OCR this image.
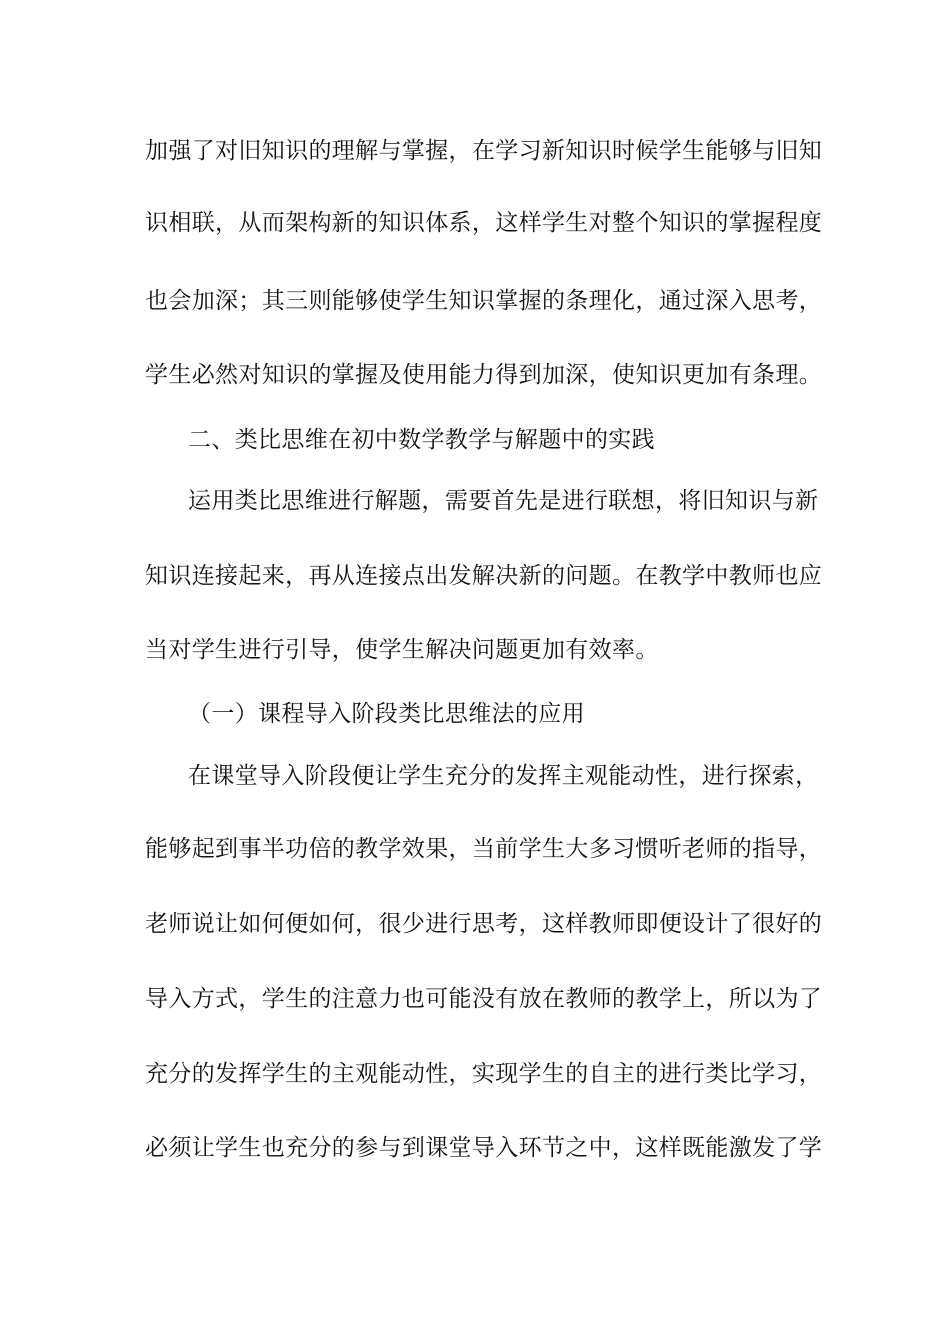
加强了对旧知识的理解与掌握，在学习新知识时候学生能够与旧知
识相联，从而架构新的知识体系，这样学生对整个知识的掌握程度
也会加深；其三则能够使学生知识掌握的条理化，通过深入思考，
学生必然对知识的掌握及使用能力得到加深，使知识更加有条理。
二、类比思维在初中数学教学与解题中的实践
运用类比思维进行解题，需要首先是进行联想，将旧知识与新
知识连接起来，再从连接点出发解决新的问题。在教学中教师也应
当对学生进行引导，使学生解决问题更加有效率。
（一）课程导入阶段类比思维法的应用
在课堂导入阶段便让学生充分的发挥主观能动性，进行探索，
能够起到事半功倍的教学效果，当前学生大多习惯听老师的指导，
老师说让如何便如何，很少进行思考，这样教师即便设计了很好的
导入方式，学生的注意力也可能没有放在教师的教学上，所以为了
充分的发挥学生的主观能动性，实现学生的自主的进行类比学习，
必须让学生也充分的参与到课堂导入环节之中，这样既能激发了学
